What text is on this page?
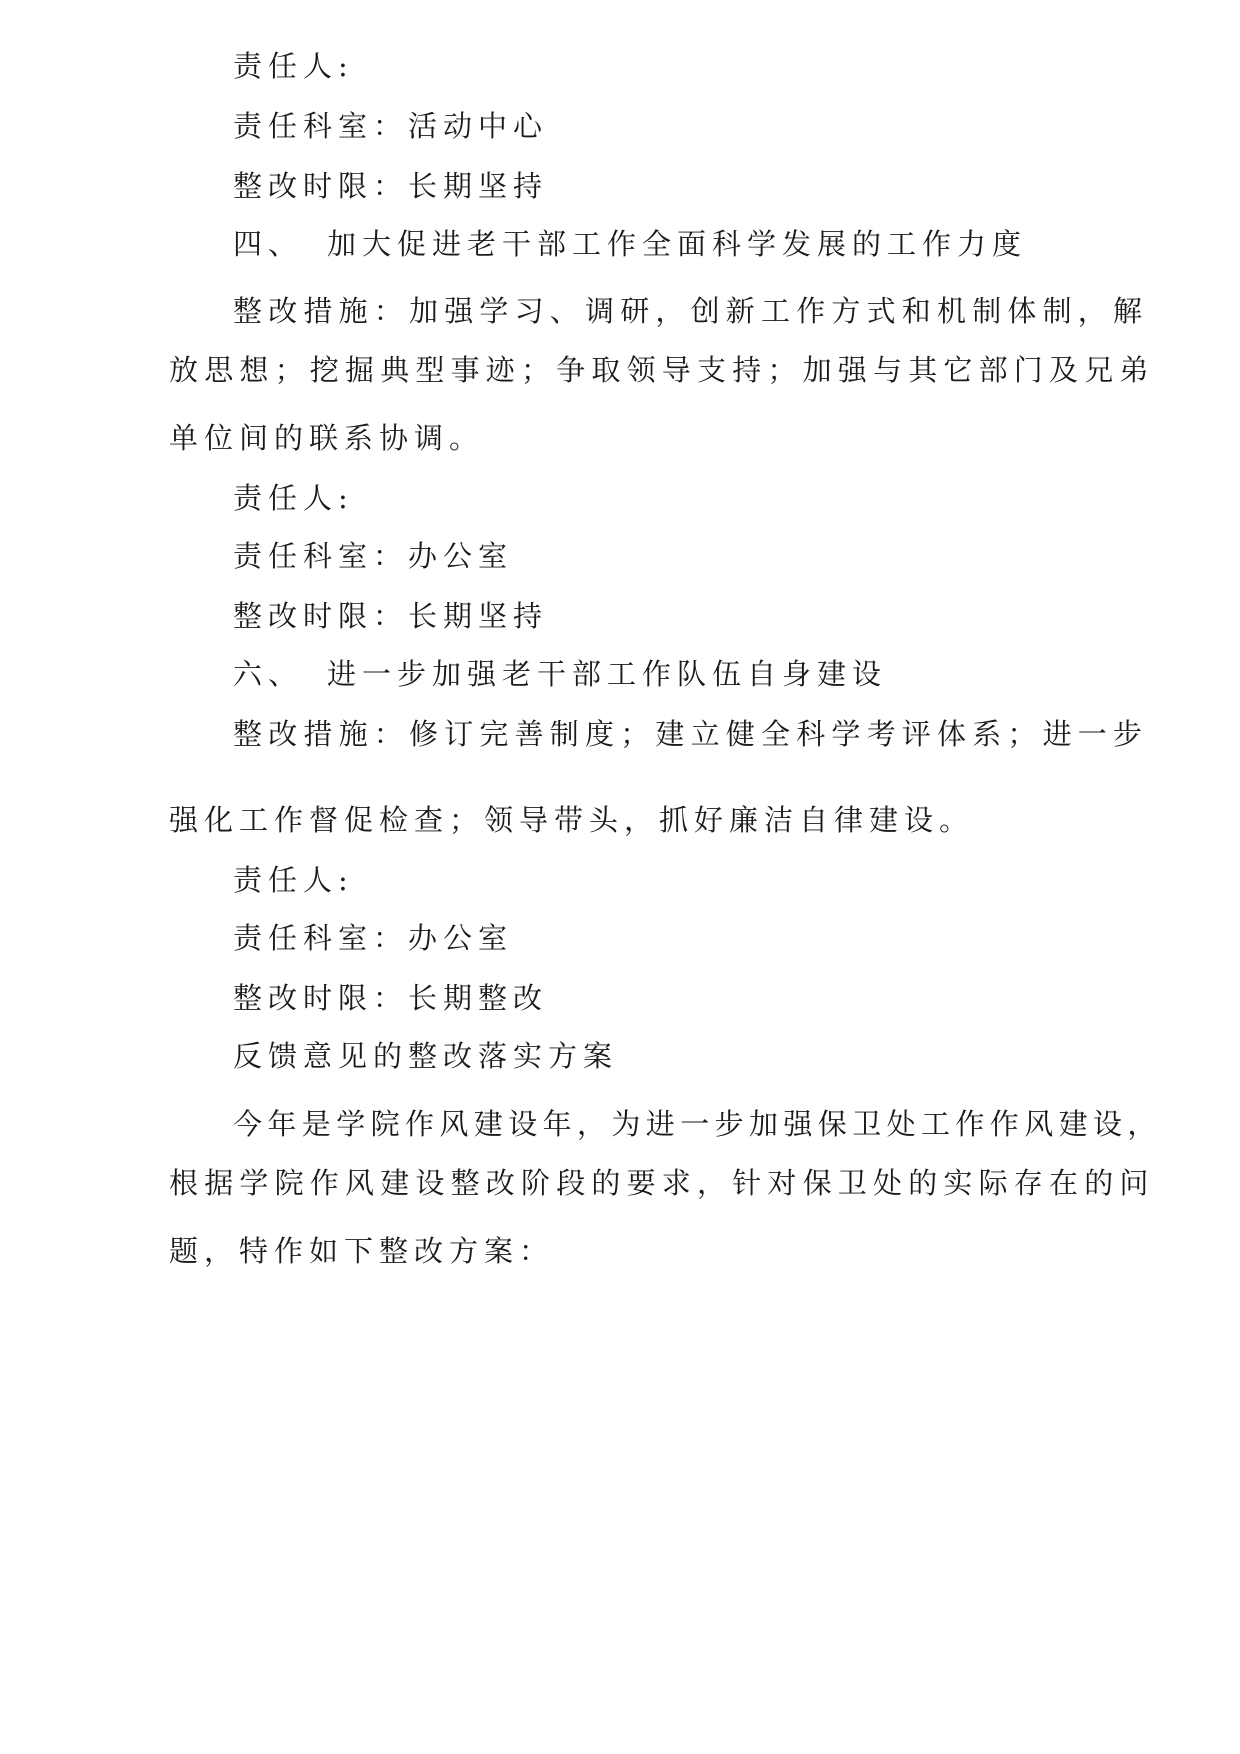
责任人:
责任科室：活动中心
整改时限：长期坚持
四、 加大促进老干部工作全面科学发展的工作力度
整改措施：加强学习、调研，创新工作方式和机制体制，解
放思想；挖掘典型事迹；争取领导支持；加强与其它部门及兄弟
单位间的联系协调。
责任人:
责任科室：办公室
整改时限：长期坚持
六、 进一步加强老干部工作队伍自身建设
整改措施：修订完善制度；建立健全科学考评体系；进一步
强化工作督促检查；领导带头，抓好廉洁自律建设。
责任人:
责任科室：办公室
整改时限：长期整改
反馈意见的整改落实方案
今年是学院作风建设年，为进一步加强保卫处工作作风建设，
根据学院作风建设整改阶段的要求，针对保卫处的实际存在的问
题，特作如下整改方案：
